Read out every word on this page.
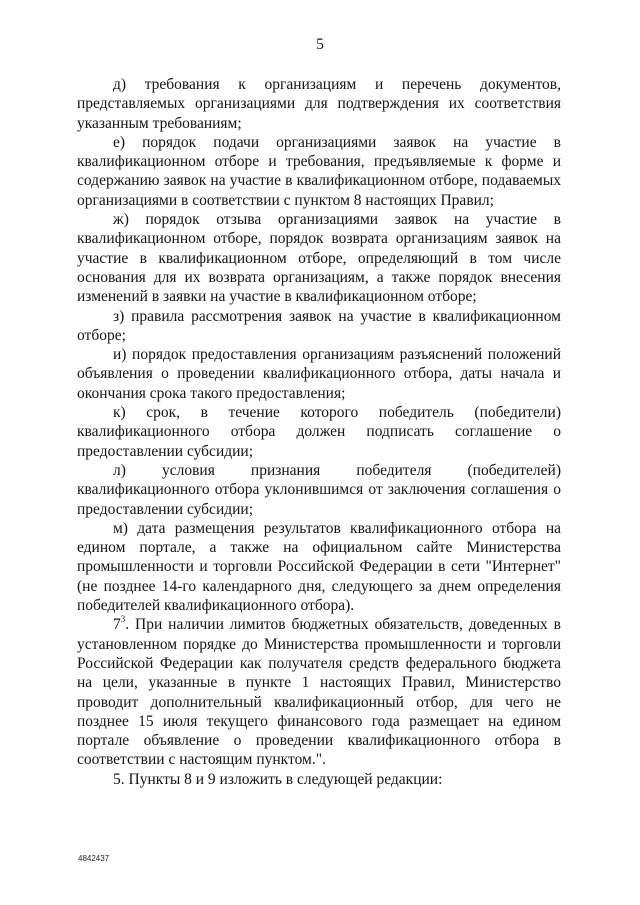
5

д) требования к организациям и перечень документов, представляемых организациями для подтверждения их соответствия указанным требованиям;

е) порядок подачи организациями заявок на участие в квалификационном отборе и требования, предъявляемые к форме и содержанию заявок на участие в квалификационном отборе, подаваемых организациями в соответствии с пунктом 8 настоящих Правил;

ж) порядок отзыва организациями заявок на участие в квалификационном отборе, порядок возврата организациям заявок на участие в квалификационном отборе, определяющий в том числе основания для их возврата организациям, а также порядок внесения изменений в заявки на участие в квалификационном отборе;

з) правила рассмотрения заявок на участие в квалификационном отборе;

и) порядок предоставления организациям разъяснений положений объявления о проведении квалификационного отбора, даты начала и окончания срока такого предоставления;

к) срок, в течение которого победитель (победители) квалификационного отбора должен подписать соглашение о предоставлении субсидии;

л) условия признания победителя (победителей) квалификационного отбора уклонившимся от заключения соглашения о предоставлении субсидии;

м) дата размещения результатов квалификационного отбора на едином портале, а также на официальном сайте Министерства промышленности и торговли Российской Федерации в сети "Интернет" (не позднее 14-го календарного дня, следующего за днем определения победителей квалификационного отбора).

$7^3$. При наличии лимитов бюджетных обязательств, доведенных в установленном порядке до Министерства промышленности и торговли Российской Федерации как получателя средств федерального бюджета на цели, указанные в пункте 1 настоящих Правил, Министерство проводит дополнительный квалификационный отбор, для чего не позднее 15 июля текущего финансового года размещает на едином портале объявление о проведении квалификационного отбора в соответствии с настоящим пунктом.".

5. Пункты 8 и 9 изложить в следующей редакции:

4842437
